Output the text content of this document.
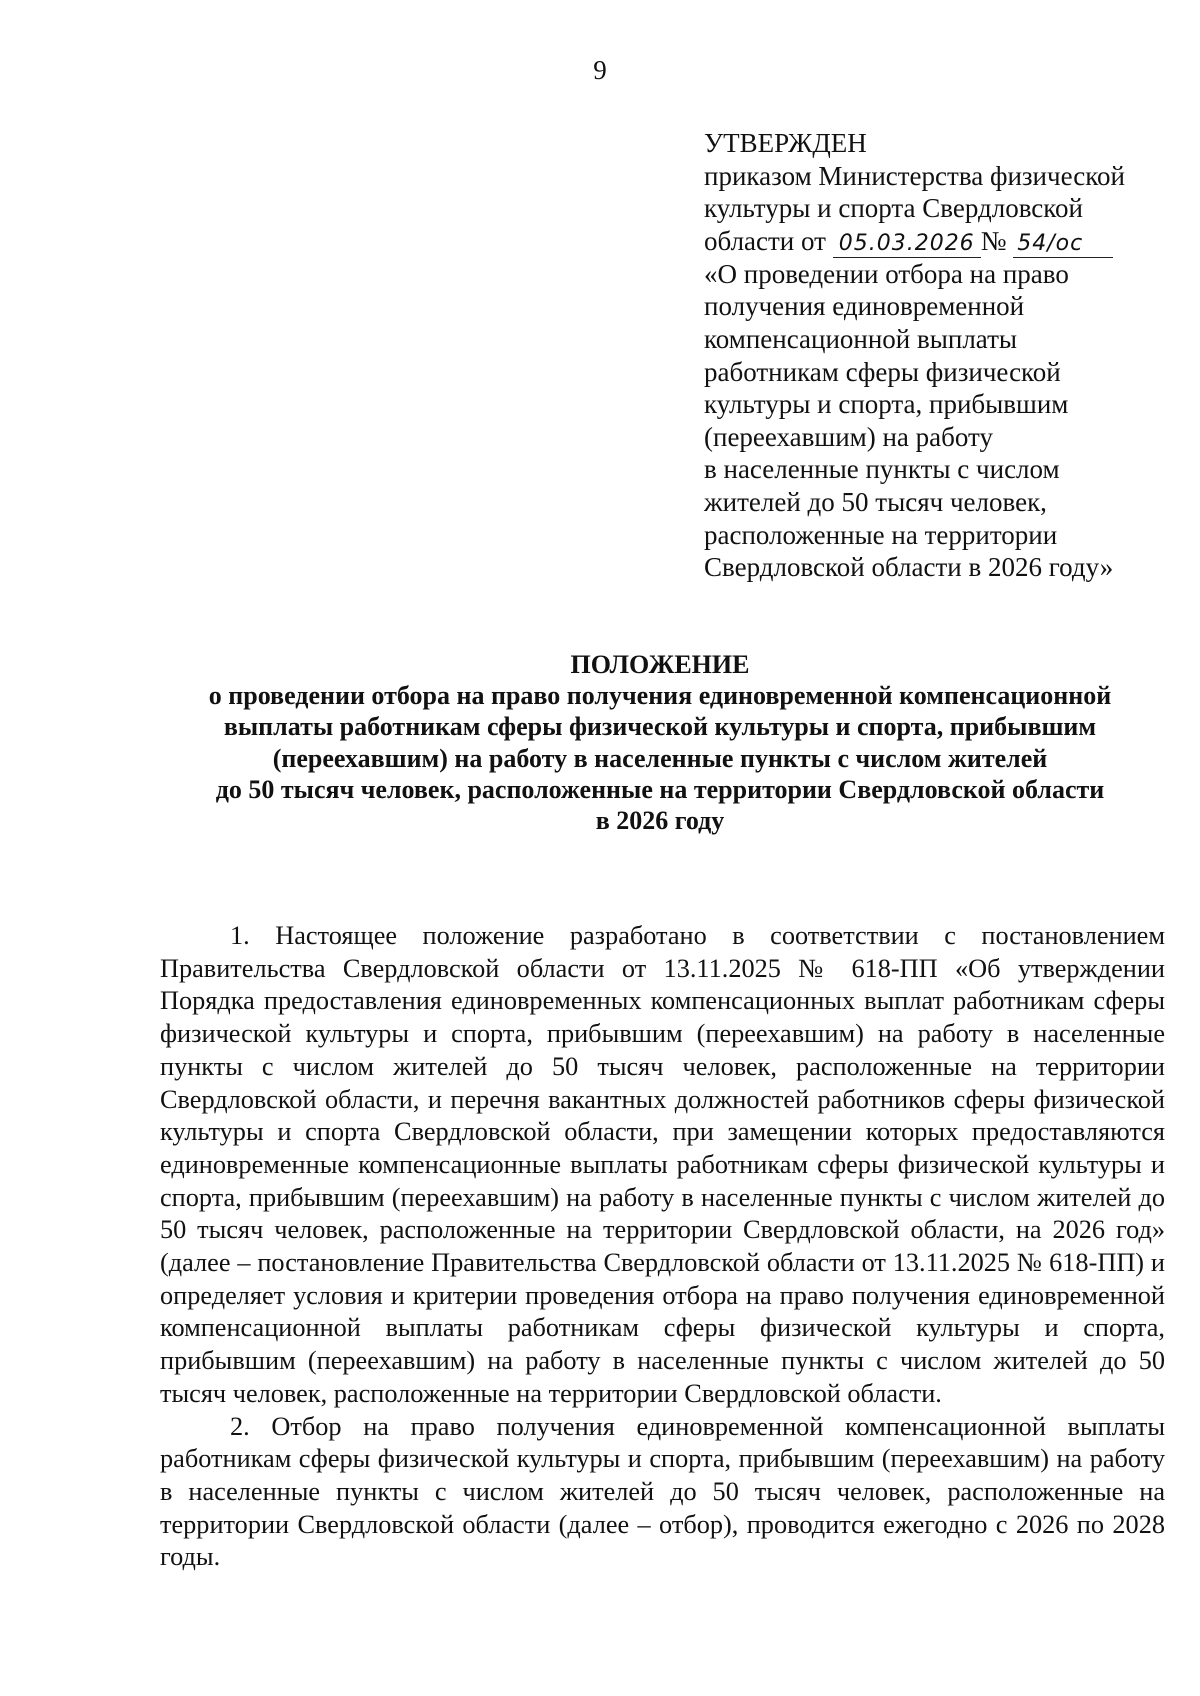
9
УТВЕРЖДЕН
приказом Министерства физической
культуры и спорта Свердловской
области от 05.03.2026 № 54/ос
«О проведении отбора на право
получения единовременной
компенсационной выплаты
работникам сферы физической
культуры и спорта, прибывшим
(переехавшим) на работу
в населенные пункты с числом
жителей до 50 тысяч человек,
расположенные на территории
Свердловской области в 2026 году»
ПОЛОЖЕНИЕ
о проведении отбора на право получения единовременной компенсационной
выплаты работникам сферы физической культуры и спорта, прибывшим
(переехавшим) на работу в населенные пункты с числом жителей
до 50 тысяч человек, расположенные на территории Свердловской области
в 2026 году

1. Настоящее положение разработано в соответствии с постановлением Правительства Свердловской области от 13.11.2025 № 618-ПП «Об утверждении Порядка предоставления единовременных компенсационных выплат работникам сферы физической культуры и спорта, прибывшим (переехавшим) на работу в населенные пункты с числом жителей до 50 тысяч человек, расположенные на территории Свердловской области, и перечня вакантных должностей работников сферы физической культуры и спорта Свердловской области, при замещении которых предоставляются единовременные компенсационные выплаты работникам сферы физической культуры и спорта, прибывшим (переехавшим) на работу в населенные пункты с числом жителей до 50 тысяч человек, расположенные на территории Свердловской области, на 2026 год» (далее – постановление Правительства Свердловской области от 13.11.2025 № 618-ПП) и определяет условия и критерии проведения отбора на право получения единовременной компенсационной выплаты работникам сферы физической культуры и спорта, прибывшим (переехавшим) на работу в населенные пункты с числом жителей до 50 тысяч человек, расположенные на территории Свердловской области.

2. Отбор на право получения единовременной компенсационной выплаты работникам сферы физической культуры и спорта, прибывшим (переехавшим) на работу в населенные пункты с числом жителей до 50 тысяч человек, расположенные на территории Свердловской области (далее – отбор), проводится ежегодно с 2026 по 2028 годы.
